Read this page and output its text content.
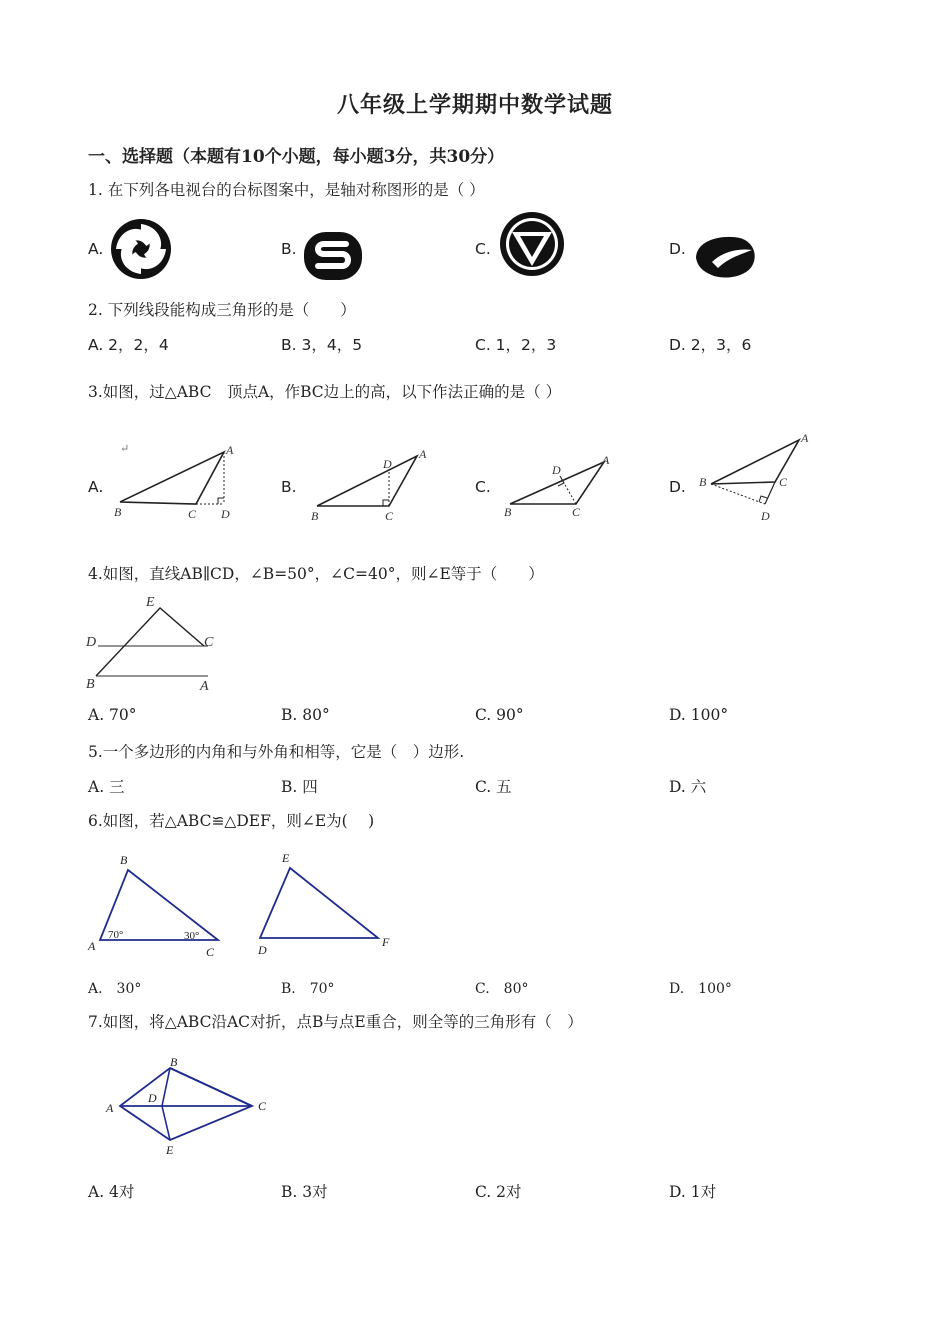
八年级上学期期中数学试题
一、选择题（本题有10个小题，每小题3分，共30分）
1. 在下列各电视台的台标图案中，是轴对称图形的是（ ）
A.	B.	C.	D.
2. 下列线段能构成三角形的是（　　）
A. 2，2，4	B. 3，4，5	C. 1，2，3	D. 2，3，6
3.如图，过△ABC　顶点A，作BC边上的高，以下作法正确的是（ ）
A.	B.	C.	D.
↵	A
B	C D
A
D
B	C
A
D
B	C
A
B	C
D
4.如图，直线AB∥CD，∠B=50°，∠C=40°，则∠E等于（　　）
E
D	C
B	A
A. 70°	B. 80°	C. 90°	D. 100°
5.一个多边形的内角和与外角和相等，它是（　）边形.
A. 三	B. 四	C. 五	D. 六
6.如图，若△ABC≌△DEF，则∠E为(　 )
B
A	C
70°	30°
E
D
F
A.　30°	B.　70°	C.　80°	D.　100°
7.如图，将△ABC沿AC对折，点B与点E重合，则全等的三角形有（　）
B
A
D
C
E
A. 4对	B. 3对	C. 2对	D. 1对
